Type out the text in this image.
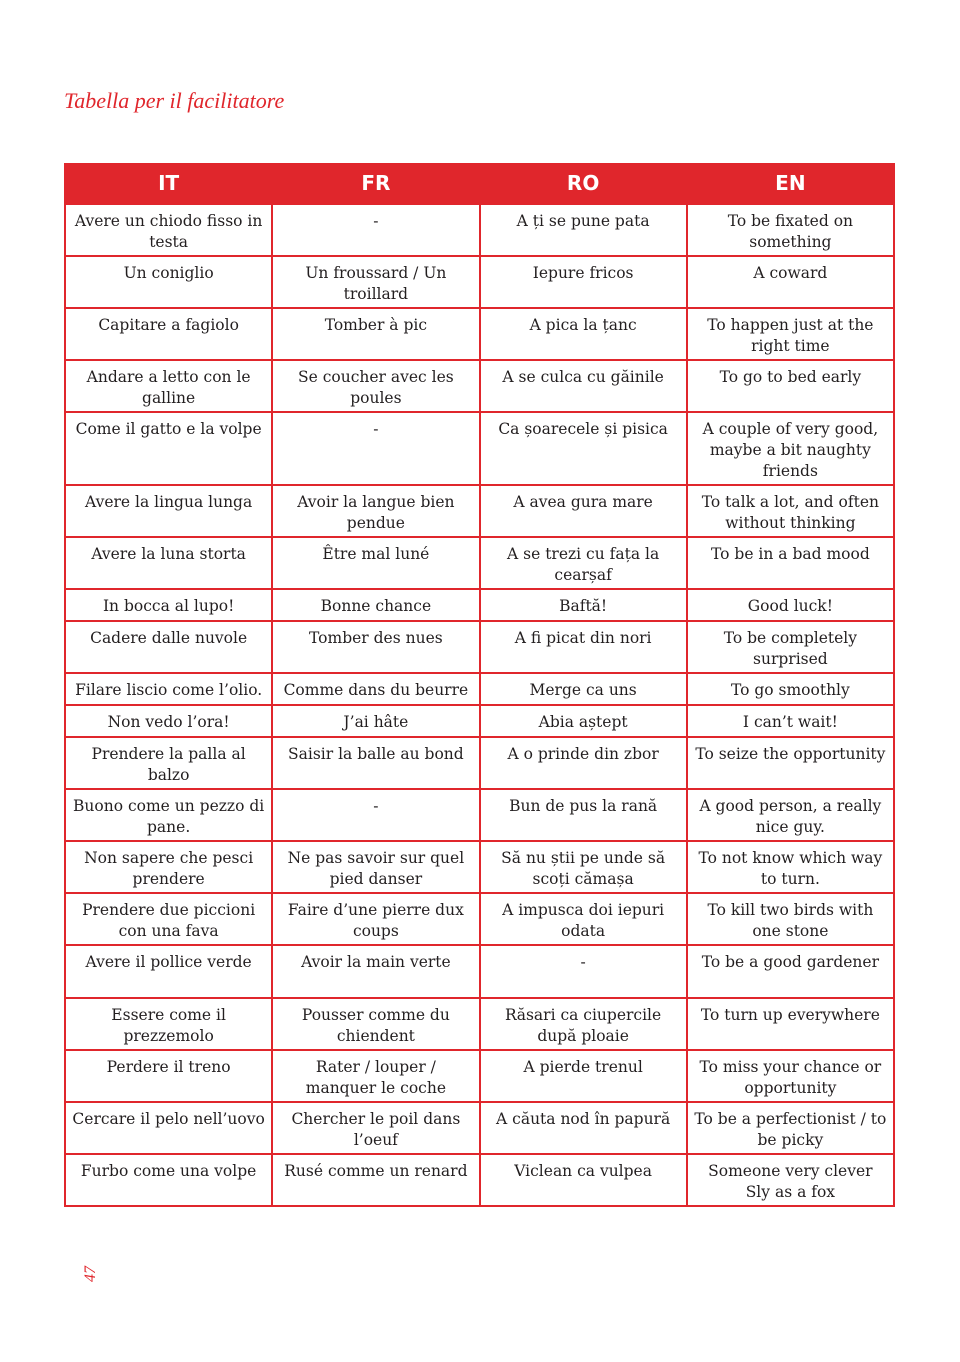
Tabella per il facilitatore
IT	FR	RO	EN
Avere un chiodo fisso in testa	-	A ți se pune pata	To be fixated on something
Un coniglio	Un froussard / Un troillard	Iepure fricos	A coward
Capitare a fagiolo	Tomber à pic	A pica la țanc	To happen just at the right time
Andare a letto con le galline	Se coucher avec les poules	A se culca cu găinile	To go to bed early
Come il gatto e la volpe	-	Ca șoarecele și pisica	A couple of very good, maybe a bit naughty friends
Avere la lingua lunga	Avoir la langue bien pendue	A avea gura mare	To talk a lot, and often without thinking
Avere la luna storta	Être mal luné	A se trezi cu fața la cearșaf	To be in a bad mood
In bocca al lupo!	Bonne chance	Baftă!	Good luck!
Cadere dalle nuvole	Tomber des nues	A fi picat din nori	To be completely surprised
Filare liscio come l’olio.	Comme dans du beurre	Merge ca uns	To go smoothly
Non vedo l’ora!	J’ai hâte	Abia aștept	I can’t wait!
Prendere la palla al balzo	Saisir la balle au bond	A o prinde din zbor	To seize the opportunity
Buono come un pezzo di pane.	-	Bun de pus la rană	A good person, a really nice guy.
Non sapere che pesci prendere	Ne pas savoir sur quel pied danser	Să nu știi pe unde să scoți cămașa	To not know which way to turn.
Prendere due piccioni con una fava	Faire d’une pierre dux coups	A impusca doi iepuri odata	To kill two birds with one stone
Avere il pollice verde	Avoir la main verte	-	To be a good gardener
Essere come il prezzemolo	Pousser comme du chiendent	Răsari ca ciupercile după ploaie	To turn up everywhere
Perdere il treno	Rater / louper / manquer le coche	A pierde trenul	To miss your chance or opportunity
Cercare il pelo nell’uovo	Chercher le poil dans l’oeuf	A căuta nod în papură	To be a perfectionist / to be picky
Furbo come una volpe	Rusé comme un renard	Viclean ca vulpea	Someone very clever Sly as a fox
47
